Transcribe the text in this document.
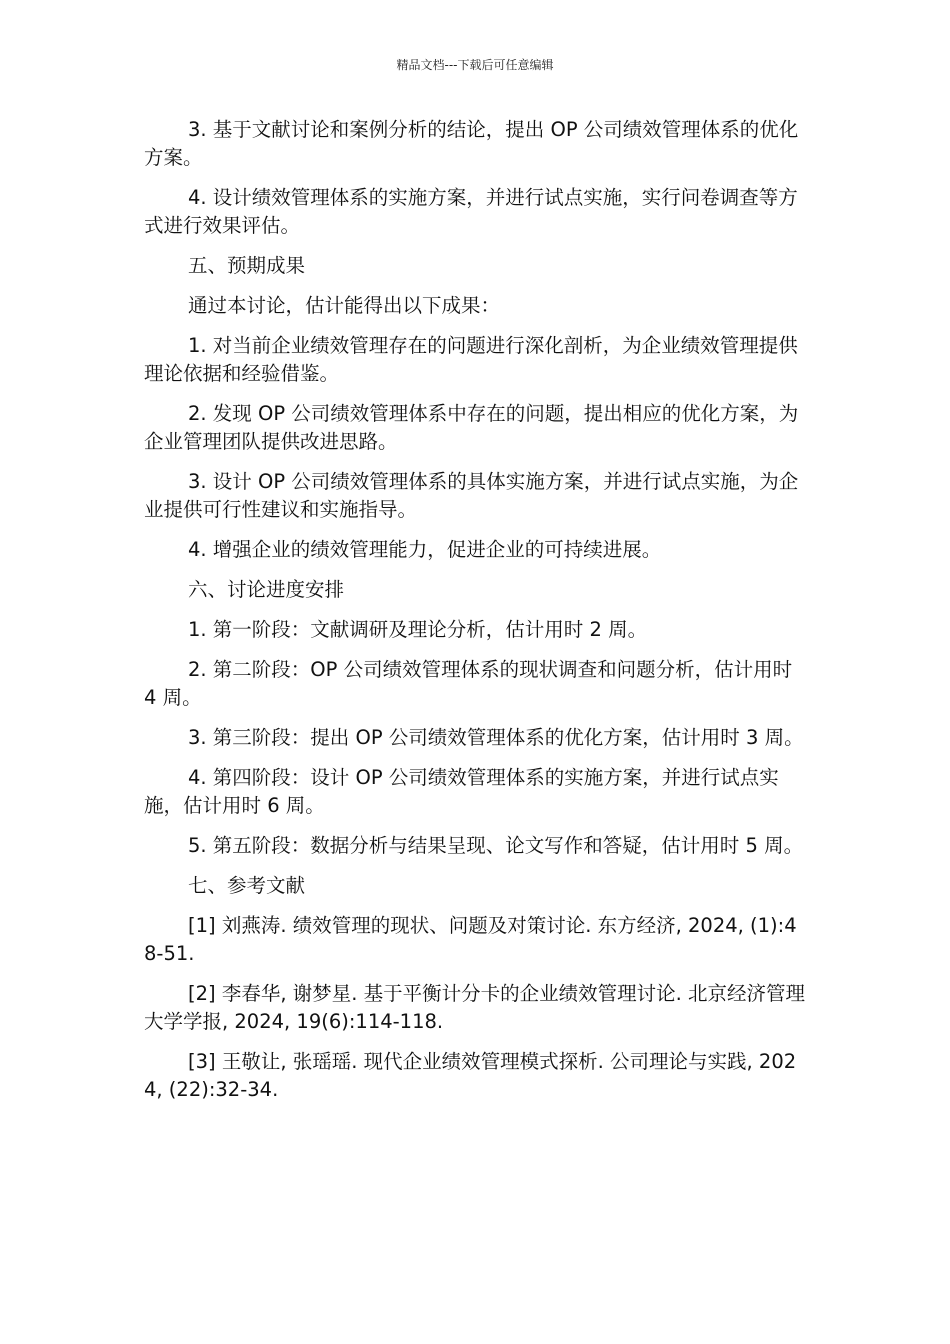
精品文档---下载后可任意编辑

3. 基于文献讨论和案例分析的结论，提出 OP 公司绩效管理体系的优化方案。

4. 设计绩效管理体系的实施方案，并进行试点实施，实行问卷调查等方式进行效果评估。

五、预期成果

通过本讨论，估计能得出以下成果：

1. 对当前企业绩效管理存在的问题进行深化剖析，为企业绩效管理提供理论依据和经验借鉴。

2. 发现 OP 公司绩效管理体系中存在的问题，提出相应的优化方案，为企业管理团队提供改进思路。

3. 设计 OP 公司绩效管理体系的具体实施方案，并进行试点实施，为企业提供可行性建议和实施指导。

4. 增强企业的绩效管理能力，促进企业的可持续进展。

六、讨论进度安排

1. 第一阶段：文献调研及理论分析，估计用时 2 周。

2. 第二阶段：OP 公司绩效管理体系的现状调查和问题分析，估计用时 4 周。

3. 第三阶段：提出 OP 公司绩效管理体系的优化方案，估计用时 3 周。

4. 第四阶段：设计 OP 公司绩效管理体系的实施方案，并进行试点实施，估计用时 6 周。

5. 第五阶段：数据分析与结果呈现、论文写作和答疑，估计用时 5 周。

七、参考文献

[1] 刘燕涛. 绩效管理的现状、问题及对策讨论. 东方经济, 2024, (1):48-51.

[2] 李春华, 谢梦星. 基于平衡计分卡的企业绩效管理讨论. 北京经济管理大学学报, 2024, 19(6):114-118.

[3] 王敬让, 张瑶瑶. 现代企业绩效管理模式探析. 公司理论与实践, 2024, (22):32-34.
